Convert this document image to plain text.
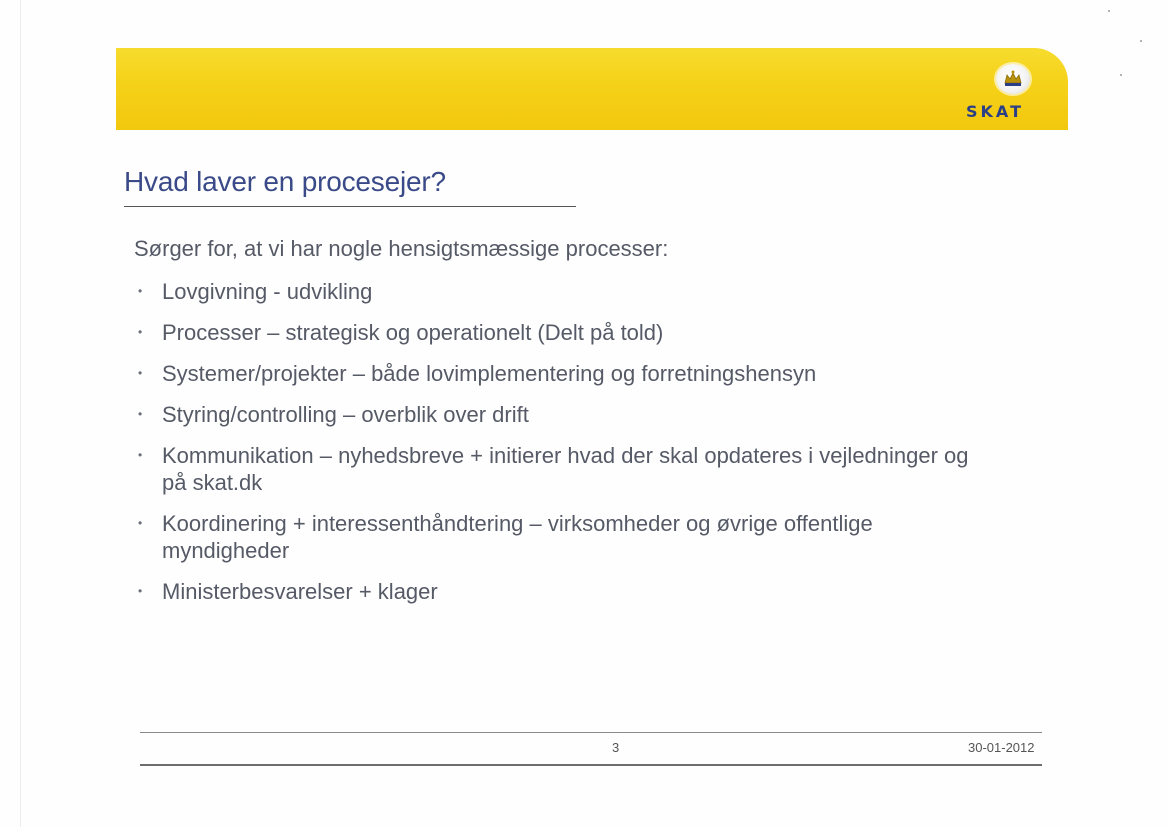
SKAT
Hvad laver en procesejer?
Sørger for, at vi har nogle hensigtsmæssige processer:
• Lovgivning - udvikling
• Processer – strategisk og operationelt (Delt på told)
• Systemer/projekter – både lovimplementering og forretningshensyn
• Styring/controlling – overblik over drift
• Kommunikation – nyhedsbreve + initierer hvad der skal opdateres i vejledninger og på skat.dk
• Koordinering + interessenthåndtering – virksomheder og øvrige offentlige myndigheder
• Ministerbesvarelser + klager
3	30-01-2012
